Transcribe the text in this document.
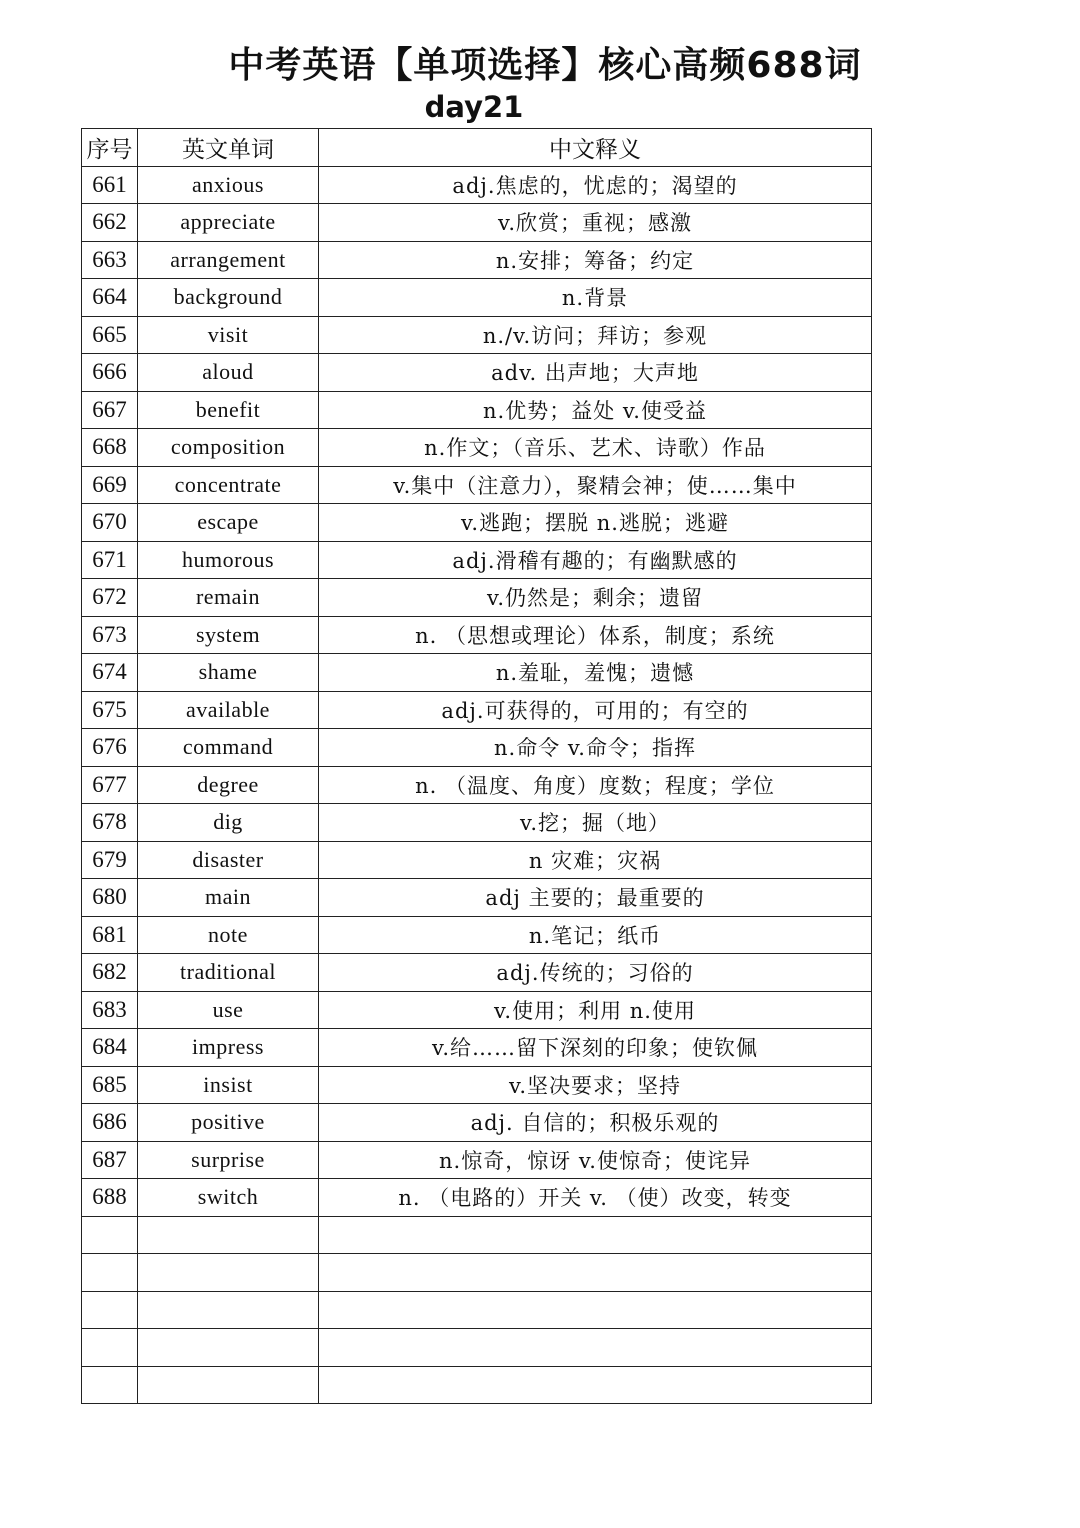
中考英语【单项选择】核心高频688词
day21
序号	英文单词	中文释义
661	anxious	adj.焦虑的，忧虑的；渴望的
662	appreciate	v.欣赏；重视；感激
663	arrangement	n.安排；筹备；约定
664	background	n.背景
665	visit	n./v.访问；拜访；参观
666	aloud	adv. 出声地；大声地
667	benefit	n.优势；益处 v.使受益
668	composition	n.作文；（音乐、艺术、诗歌）作品
669	concentrate	v.集中（注意力），聚精会神；使……集中
670	escape	v.逃跑；摆脱 n.逃脱；逃避
671	humorous	adj.滑稽有趣的；有幽默感的
672	remain	v.仍然是；剩余；遗留
673	system	n. （思想或理论）体系，制度；系统
674	shame	n.羞耻，羞愧；遗憾
675	available	adj.可获得的，可用的；有空的
676	command	n.命令 v.命令；指挥
677	degree	n. （温度、角度）度数；程度；学位
678	dig	v.挖；掘（地）
679	disaster	n 灾难；灾祸
680	main	adj 主要的；最重要的
681	note	n.笔记；纸币
682	traditional	adj.传统的；习俗的
683	use	v.使用；利用 n.使用
684	impress	v.给……留下深刻的印象；使钦佩
685	insist	v.坚决要求；坚持
686	positive	adj. 自信的；积极乐观的
687	surprise	n.惊奇，惊讶 v.使惊奇；使诧异
688	switch	n. （电路的）开关 v. （使）改变，转变
